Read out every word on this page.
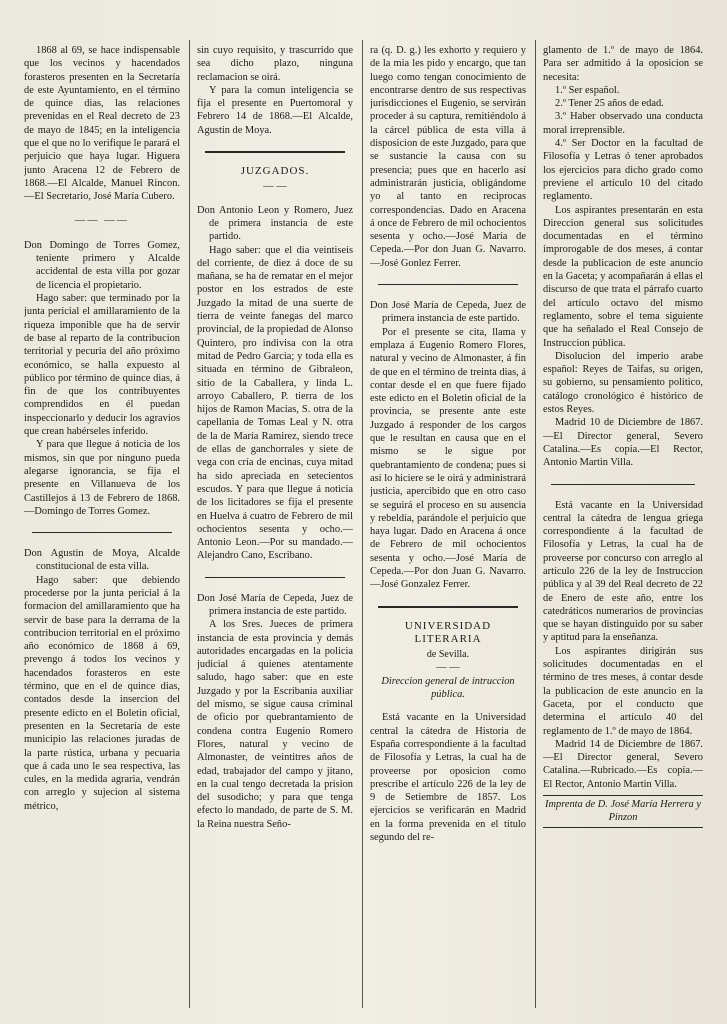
1868 al 69, se hace indispensable que los vecinos y hacendados forasteros presenten en la Secretaría de este Ayuntamiento, en el término de quince dias, las relaciones prevenidas en el Real decreto de 23 de mayo de 1845; en la inteligencia que el que no lo verifique le parará el perjuicio que haya lugar. Higuera junto Aracena 12 de Febrero de 1868.—El Alcalde, Manuel Rincon.—El Secretario, José María Cubero.

—— ——

Don Domingo de Torres Gomez, teniente primero y Alcalde accidental de esta villa por gozar de licencia el propietario.

Hago saber: que terminado por la junta pericial el amillaramiento de la riqueza imponible que ha de servir de base al reparto de la contribucion territorial y pecuria del año próximo económico, se halla expuesto al público por término de quince dias, á fin de que los contribuyentes comprendidos en él puedan inspeccionarlo y deducir los agravios que crean habérseles inferido.

Y para que llegue á noticia de los mismos, sin que por ninguno pueda alegarse ignorancia, se fija el presente en Villanueva de los Castillejos á 13 de Febrero de 1868.—Domingo de Torres Gomez.

Don Agustin de Moya, Alcalde constitucional de esta villa.

Hago saber: que debiendo procederse por la junta pericial á la formacion del amillaramiento que ha servir de base para la derrama de la contribucion territorial en el próximo año económico de 1868 á 69, prevengo á todos los vecinos y hacendados forasteros en este término, que en el de quince dias, contados desde la insercion del presente edicto en el Boletin oficial, presenten en la Secretaría de este municipio las relaciones juradas de la parte rústica, urbana y pecuaria que á cada uno le sea respectiva, las cules, en la medida agraria, vendrán con arreglo y sujecion al sistema métrico,

sin cuyo requisito, y trascurrido que sea dicho plazo, ninguna reclamacion se oirá.

Y para la comun inteligencia se fija el presente en Puertomoral y Febrero 14 de 1868.—El Alcalde, Agustin de Moya.

JUZGADOS.

— —

Don Antonio Leon y Romero, Juez de primera instancia de este partido.

Hago saber: que el dia veintiseis del corriente, de diez á doce de su mañana, se ha de rematar en el mejor postor en los estrados de este Juzgado la mitad de una suerte de tierra de veinte fanegas del marco provincial, de la propiedad de Alonso Quintero, pro indivisa con la otra mitad de Pedro Garcia; y toda ella es situada en término de Gibraleon, sitio de la Caballera, y linda L. arroyo Caballero, P. tierra de los hijos de Ramon Macias, S. otra de la capellania de Tomas Leal y N. otra de la de María Ramirez, siendo trece de ellas de ganchorrales y siete de vega con cría de encinas, cuya mitad ha sido apreciada en setecientos escudos. Y para que llegue á noticia de los licitadores se fija el presente en Huelva á cuatro de Febrero de mil ochocientos sesenta y ocho.—Antonio Leon.—Por su mandado.—Alejandro Cano, Escribano.

Don José María de Cepeda, Juez de primera instancia de este partido.

A los Sres. Jueces de primera instancia de esta provincia y demás autoridades encargadas en la policia judicial á quienes atentamente saludo, hago saber: que en este Juzgado y por la Escribania auxiliar del mismo, se sigue causa criminal de oficio por quebrantamiento de condena contra Eugenio Romero Flores, natural y vecino de Almonaster, de veintitres años de edad, trabajador del campo y jitano, en la cual tengo decretada la prision del susodicho; y para que tenga efecto lo mandado, de parte de S. M. la Reina nuestra Seño-

ra (q. D. g.) les exhorto y requiero y de la mia les pido y encargo, que tan luego como tengan conocimiento de encontrarse dentro de sus respectivas jurisdicciones el Eugenio, se servirán proceder á su captura, remitiéndolo á la cárcel pública de esta villa á disposicion de este Juzgado, para que se sustancie la causa con su presencia; pues que en hacerlo así administrarán justicia, obligándome yo al tanto en reciprocas correspondencias. Dado en Aracena á once de Febrero de mil ochocientos sesenta y ocho.—José María de Cepeda.—Por don Juan G. Navarro.—José Gonlez Ferrer.

Don José María de Cepeda, Juez de primera instancia de este partido.

Por el presente se cita, llama y emplaza á Eugenio Romero Flores, natural y vecino de Almonaster, á fin de que en el término de treinta dias, á contar desde el en que fuere fijado este edicto en el Boletin oficial de la provincia, se presente ante este Juzgado á responder de los cargos que le resultan en causa que en el mismo se le sigue por quebrantamiento de condena; pues si así lo hiciere se le oirá y administrará justicia, apercibido que en otro caso se seguirá el proceso en su ausencia y rebeldía, parándole el perjuicio que haya lugar. Dado en Aracena á once de Febrero de mil ochocientos sesenta y ocho.—José María de Cepeda.—Por don Juan G. Navarro.—José Gonzalez Ferrer.

UNIVERSIDAD LITERARIA

de Sevilla.

— —

Direccion general de intruccion pública.

Está vacante en la Universidad central la cátedra de Historia de España correspondiente á la facultad de Filosofía y Letras, la cual ha de proveerse por oposicion como prescribe el artículo 226 de la ley de 9 de Setiembre de 1857. Los ejercicios se verificarán en Madrid en la forma prevenida en el título segundo del re-

glamento de 1.º de mayo de 1864. Para ser admitido á la oposicion se necesita:

1.º Ser español.

2.º Tener 25 años de edad.

3.º Haber observado una conducta moral irreprensible.

4.º Ser Doctor en la facultad de Filosofía y Letras ó tener aprobados los ejercicios para dicho grado como previene el artículo 10 del citado reglamento.

Los aspirantes presentarán en esta Direccion general sus solicitudes documentadas en el término improrogable de dos meses, á contar desde la publicacion de este anuncio en la Gaceta; y acompañarán á ellas el discurso de que trata el párrafo cuarto del artículo octavo del mismo reglamento, sobre el tema siguiente que ha señalado el Real Consejo de Instruccion pública.

Disolucion del imperio arabe español: Reyes de Taifas, su origen, su gobierno, su pensamiento politico, catálogo cronológico é histórico de estos Reyes.

Madrid 10 de Diciembre de 1867.—El Director general, Severo Catalina.—Es copia.—El Rector, Antonio Martin Villa.

Está vacante en la Universidad central la cátedra de lengua griega correspondiente á la facultad de Filosofía y Letras, la cual ha de proveerse por concurso con arreglo al artículo 226 de la ley de Instruccion pública y al 39 del Real decreto de 22 de Enero de este año, entre los catedráticos numerarios de provincias que se hayan distinguido por su saber y aptitud para la enseñanza.

Los aspirantes dirigirán sus solicitudes documentadas en el término de tres meses, á contar desde la publicacion de este anuncio en la Gaceta, por el conducto que determina el artículo 40 del reglamento de 1.º de mayo de 1864.

Madrid 14 de Diciembre de 1867.—El Director general, Severo Catalina.—Rubricado.—Es copia.—El Rector, Antonio Martin Villa.

Imprenta de D. José María Herrera y Pinzon
